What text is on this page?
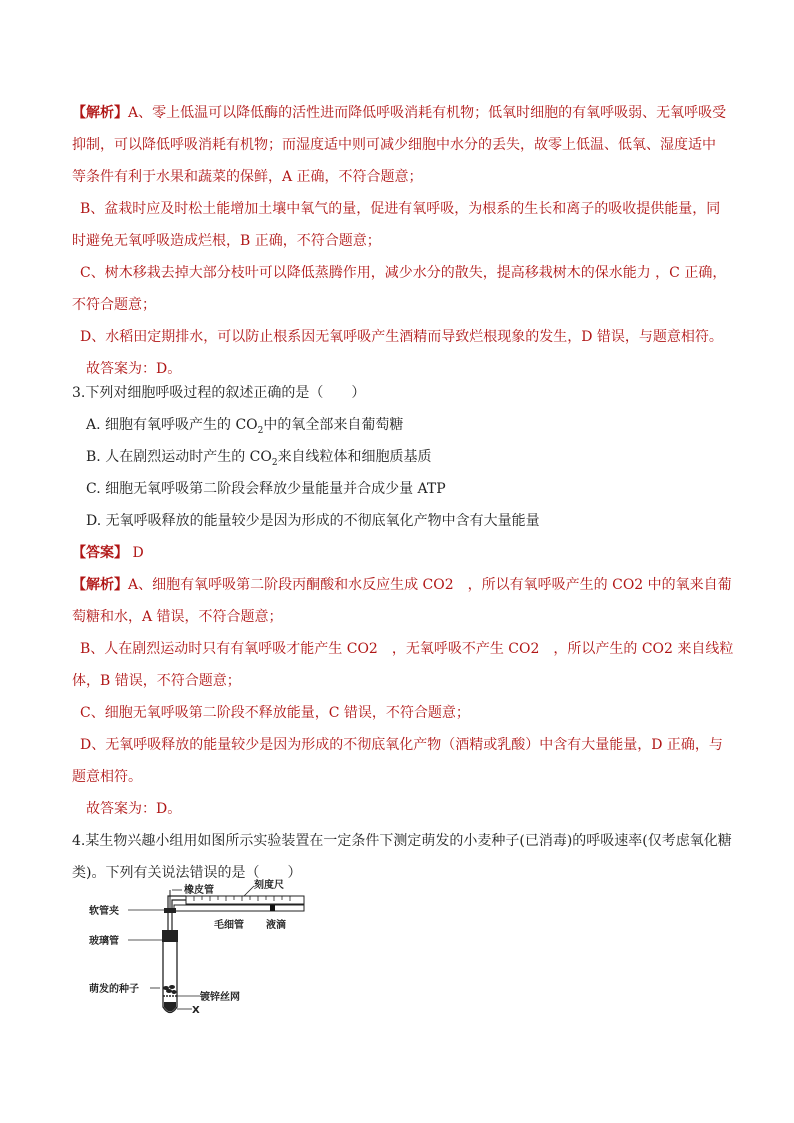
【解析】A、零上低温可以降低酶的活性进而降低呼吸消耗有机物；低氧时细胞的有氧呼吸弱、无氧呼吸受
抑制，可以降低呼吸消耗有机物；而湿度适中则可减少细胞中水分的丢失，故零上低温、低氧、湿度适中
等条件有利于水果和蔬菜的保鲜，A 正确，不符合题意；
B、盆栽时应及时松土能增加土壤中氧气的量，促进有氧呼吸，为根系的生长和离子的吸收提供能量，同
时避免无氧呼吸造成烂根，B 正确，不符合题意；
C、树木移栽去掉大部分枝叶可以降低蒸腾作用，减少水分的散失，提高移栽树木的保水能力 ，C 正确，
不符合题意；
D、水稻田定期排水，可以防止根系因无氧呼吸产生酒精而导致烂根现象的发生，D 错误，与题意相符。
故答案为：D。
3.下列对细胞呼吸过程的叙述正确的是（　　）
A. 细胞有氧呼吸产生的 $CO_2$中的氧全部来自葡萄糖
B. 人在剧烈运动时产生的 $CO_2$来自线粒体和细胞质基质
C. 细胞无氧呼吸第二阶段会释放少量能量并合成少量 ATP
D. 无氧呼吸释放的能量较少是因为形成的不彻底氧化产物中含有大量能量
【答案】 D
【解析】A、细胞有氧呼吸第二阶段丙酮酸和水反应生成 CO2　，所以有氧呼吸产生的 CO2 中的氧来自葡
萄糖和水，A 错误，不符合题意；
B、人在剧烈运动时只有有氧呼吸才能产生 CO2　，无氧呼吸不产生 CO2　，所以产生的 CO2 来自线粒
体，B 错误，不符合题意；
C、细胞无氧呼吸第二阶段不释放能量，C 错误，不符合题意；
D、无氧呼吸释放的能量较少是因为形成的不彻底氧化产物（酒精或乳酸）中含有大量能量，D 正确，与
题意相符。
故答案为：D。
4.某生物兴趣小组用如图所示实验装置在一定条件下测定萌发的小麦种子(已消毒)的呼吸速率(仅考虑氧化糖
类)。下列有关说法错误的是（　　）
橡皮管	刻度尺
软管夹
毛细管 液滴
玻璃管
萌发的种子
镀锌丝网
X
